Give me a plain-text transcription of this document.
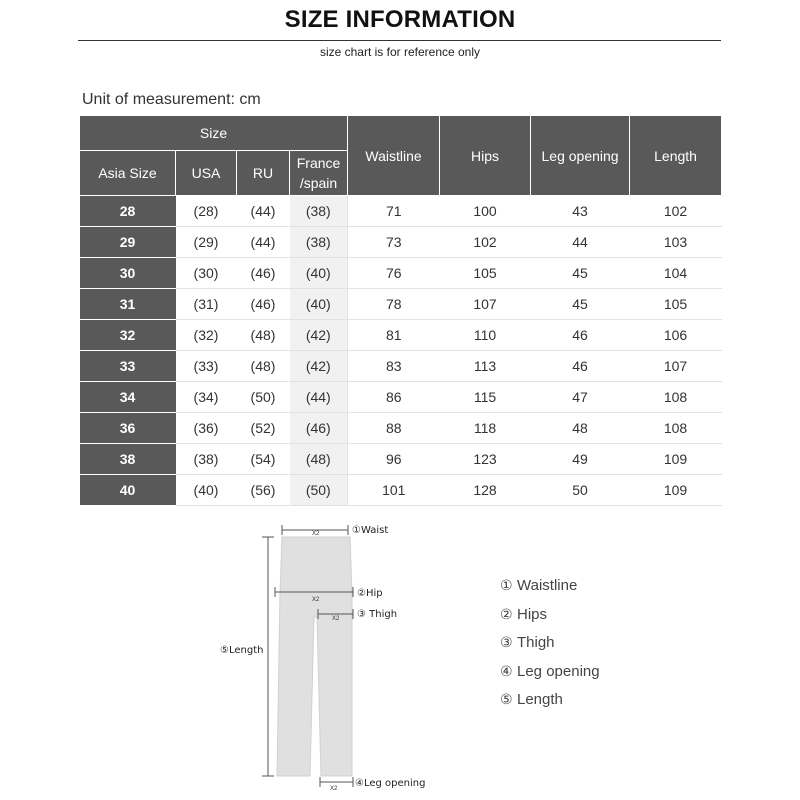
SIZE INFORMATION
size chart is for reference only
Unit of measurement: cm
Size				Waistline	Hips	Leg opening	Length
Asia Size	USA	RU	France
/spain				
28	(28)	(44)	(38)	71	100	43	102
29	(29)	(44)	(38)	73	102	44	103
30	(30)	(46)	(40)	76	105	45	104
31	(31)	(46)	(40)	78	107	45	105
32	(32)	(48)	(42)	81	110	46	106
33	(33)	(48)	(42)	83	113	46	107
34	(34)	(50)	(44)	86	115	47	108
36	(36)	(52)	(46)	88	118	48	108
38	(38)	(54)	(48)	96	123	49	109
40	(40)	(56)	(50)	101	128	50	109
X2
X2
X2
X2
①Waist
②Hip
③ Thigh
④Leg opening
⑤Length
① Waistline
② Hips
③ Thigh
④ Leg opening
⑤ Length
